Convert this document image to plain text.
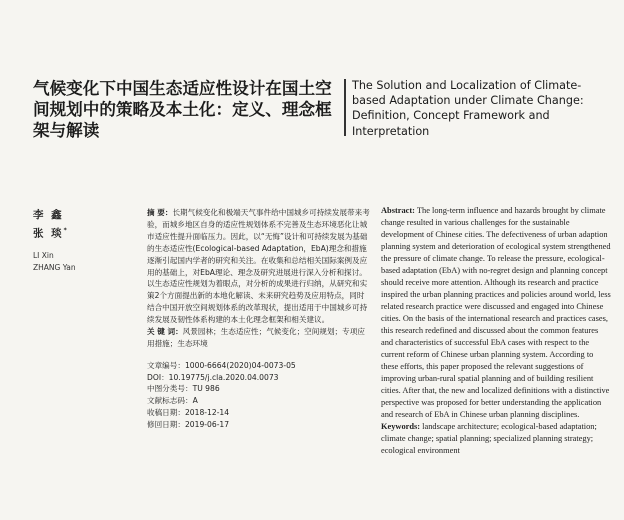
气候变化下中国生态适应性设计在国土空间规划中的策略及本土化：定义、理念框架与解读
The Solution and Localization of Climate-based Adaptation under Climate Change: Definition, Concept Framework and Interpretation
李 鑫
张 琰*
LI Xin
ZHANG Yan

摘 要：长期气候变化和极端天气事件给中国城乡可持续发展带来考验，而城乡地区自身的适应性规划体系不完善及生态环境恶化让城市适应性提升面临压力。因此，以“无悔”设计和可持续发展为基础的生态适应性(Ecological-based Adaptation，EbA)理念和措施逐渐引起国内学者的研究和关注。在收集和总结相关国际案例及应用的基础上，对EbA理论、理念及研究进展进行深入分析和探讨。以生态适应性规划为着眼点，对分析的成果进行归纳，从研究和实策2个方面提出新的本地化解读、未来研究趋势及应用特点，同时结合中国开放空间规划体系的改革现状，提出适用于中国城乡可持续发展及韧性体系构建的本土化理念框架和相关建议。

关 键 词：风景园林；生态适应性；气候变化；空间规划；专项应用措施；生态环境

文章编号：1000-6664(2020)04-0073-05
DOI：10.19775/j.cla.2020.04.0073
中图分类号：TU 986
文献标志码：A
收稿日期：2018-12-14
修回日期：2019-06-17

Abstract: The long-term influence and hazards brought by climate change resulted in various challenges for the sustainable development of Chinese cities. The defectiveness of urban adaption planning system and deterioration of ecological system strengthened the pressure of climate change. To release the pressure, ecological-based adaptation (EbA) with no-regret design and planning concept should receive more attention. Although its research and practice inspired the urban planning practices and policies around world, less related research practice were discussed and engaged into Chinese cities. On the basis of the international research and practices cases, this research redefined and discussed about the common features and characteristics of successful EbA cases with respect to the current reform of Chinese urban planning system. According to these efforts, this paper proposed the relevant suggestions of improving urban-rural spatial planning and of building resilient cities. After that, the new and localized definitions with a distinctive perspective was proposed for better understanding the application and research of EbA in Chinese urban planning disciplines.

Keywords: landscape architecture; ecological-based adaptation; climate change; spatial planning; specialized planning strategy; ecological environment
